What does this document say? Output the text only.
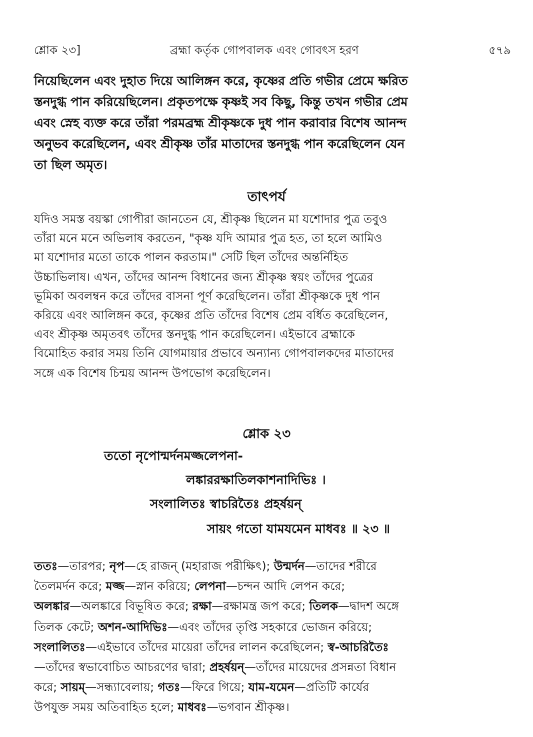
শ্লোক ২৩]	ব্রহ্মা কর্তৃক গোপবালক এবং গোবৎস হরণ	৫৭৯
নিয়েছিলেন এবং দুহাত দিয়ে আলিঙ্গন করে, কৃষ্ণের প্রতি গভীর প্রেমে ক্ষরিত
স্তনদুগ্ধ পান করিয়েছিলেন। প্রকৃতপক্ষে কৃষ্ণই সব কিছু, কিন্তু তখন গভীর প্রেম
এবং স্নেহ ব্যক্ত করে তাঁরা পরমব্রহ্ম শ্রীকৃষ্ণকে দুধ পান করাবার বিশেষ আনন্দ
অনুভব করেছিলেন, এবং শ্রীকৃষ্ণ তাঁর মাতাদের স্তনদুগ্ধ পান করেছিলেন যেন
তা ছিল অমৃত।
তাৎপর্য
যদিও সমস্ত বয়স্কা গোপীরা জানতেন যে, শ্রীকৃষ্ণ ছিলেন মা যশোদার পুত্র তবুও
তাঁরা মনে মনে অভিলাষ করতেন, "কৃষ্ণ যদি আমার পুত্র হত, তা হলে আমিও
মা যশোদার মতো তাকে পালন করতাম।" সেটি ছিল তাঁদের অন্তর্নিহিত
উচ্চাভিলাষ। এখন, তাঁদের আনন্দ বিধানের জন্য শ্রীকৃষ্ণ স্বয়ং তাঁদের পুত্রের
ভূমিকা অবলম্বন করে তাঁদের বাসনা পূর্ণ করেছিলেন। তাঁরা শ্রীকৃষ্ণকে দুধ পান
করিয়ে এবং আলিঙ্গন করে, কৃষ্ণের প্রতি তাঁদের বিশেষ প্রেম বর্ধিত করেছিলেন,
এবং শ্রীকৃষ্ণ অমৃতবৎ তাঁদের স্তনদুগ্ধ পান করেছিলেন। এইভাবে ব্রহ্মাকে
বিমোহিত করার সময় তিনি যোগমায়ার প্রভাবে অন্যান্য গোপবালকদের মাতাদের
সঙ্গে এক বিশেষ চিন্ময় আনন্দ উপভোগ করেছিলেন।
শ্লোক ২৩
ততো নৃপোন্মর্দনমজ্জলেপনা-
লঙ্কাররক্ষাতিলকাশনাদিভিঃ ।
সংলালিতঃ স্বাচরিতৈঃ প্রহর্ষয়ন্
সায়ং গতো যামযমেন মাধবঃ ॥ ২৩ ॥
ততঃ—তারপর; নৃপ—হে রাজন্ (মহারাজ পরীক্ষিৎ); উন্মর্দন—তাদের শরীরে
তৈলমর্দন করে; মজ্জ—স্নান করিয়ে; লেপনা—চন্দন আদি লেপন করে;
অলঙ্কার—অলঙ্কারে বিভূষিত করে; রক্ষা—রক্ষামন্ত্র জপ করে; তিলক—দ্বাদশ অঙ্গে
তিলক কেটে; অশন-আদিভিঃ—এবং তাঁদের তৃপ্তি সহকারে ভোজন করিয়ে;
সংলালিতঃ—এইভাবে তাঁদের মায়েরা তাঁদের লালন করেছিলেন; স্ব-আচরিতৈঃ
—তাঁদের স্বভাবোচিত আচরণের দ্বারা; প্রহর্ষয়ন্—তাঁদের মায়েদের প্রসন্নতা বিধান
করে; সায়ম্—সন্ধ্যাবেলায়; গতঃ—ফিরে গিয়ে; যাম-যমেন—প্রতিটি কার্যের
উপযুক্ত সময় অতিবাহিত হলে; মাধবঃ—ভগবান শ্রীকৃষ্ণ।
